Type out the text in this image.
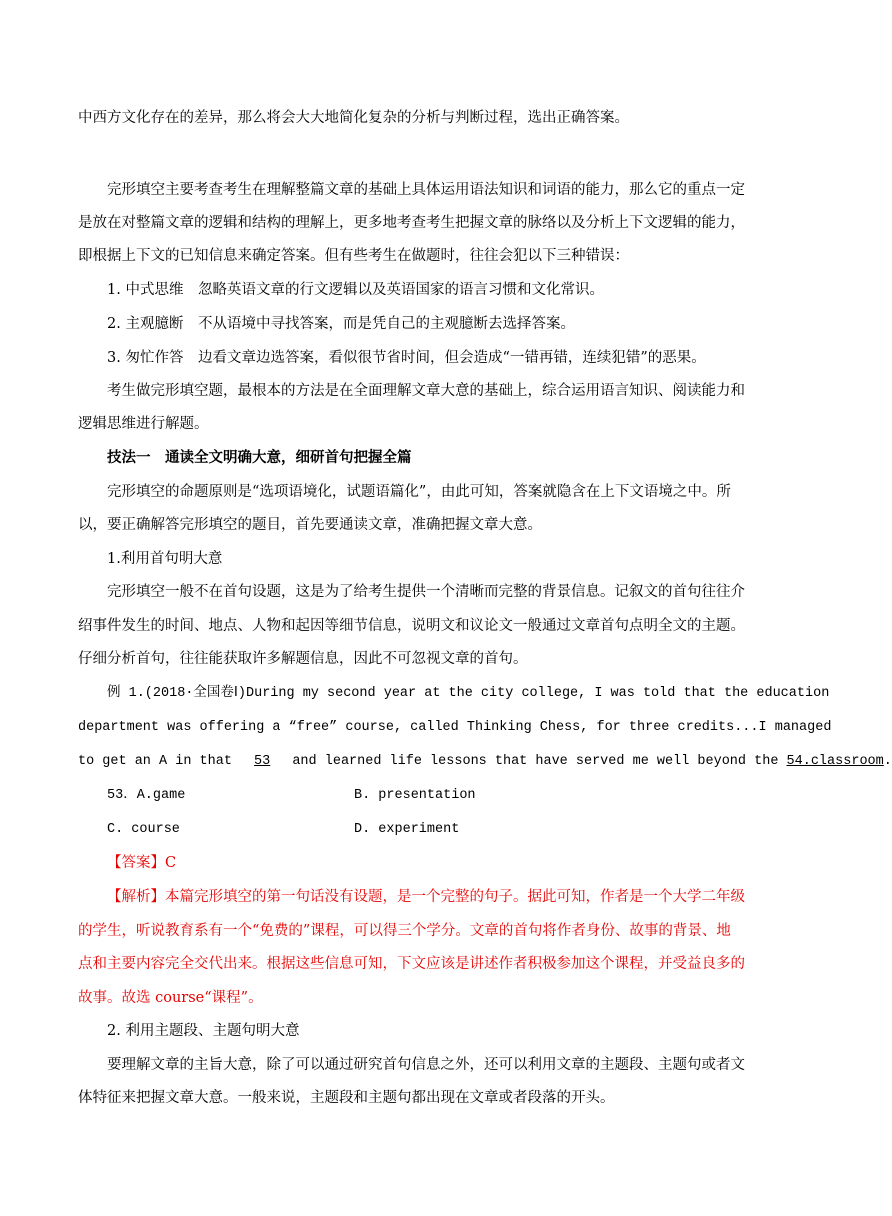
中西方文化存在的差异，那么将会大大地简化复杂的分析与判断过程，选出正确答案。
完形填空主要考查考生在理解整篇文章的基础上具体运用语法知识和词语的能力，那么它的重点一定
是放在对整篇文章的逻辑和结构的理解上，更多地考查考生把握文章的脉络以及分析上下文逻辑的能力，
即根据上下文的已知信息来确定答案。但有些考生在做题时，往往会犯以下三种错误：
1. 中式思维　忽略英语文章的行文逻辑以及英语国家的语言习惯和文化常识。
2. 主观臆断　不从语境中寻找答案，而是凭自己的主观臆断去选择答案。
3. 匆忙作答　边看文章边选答案，看似很节省时间，但会造成“一错再错，连续犯错”的恶果。
考生做完形填空题，最根本的方法是在全面理解文章大意的基础上，综合运用语言知识、阅读能力和
逻辑思维进行解题。
技法一　通读全文明确大意，细研首句把握全篇
完形填空的命题原则是“选项语境化，试题语篇化”，由此可知，答案就隐含在上下文语境之中。所
以，要正确解答完形填空的题目，首先要通读文章，准确把握文章大意。
1.利用首句明大意
完形填空一般不在首句设题，这是为了给考生提供一个清晰而完整的背景信息。记叙文的首句往往介
绍事件发生的时间、地点、人物和起因等细节信息，说明文和议论文一般通过文章首句点明全文的主题。
仔细分析首句，往往能获取许多解题信息，因此不可忽视文章的首句。
例 1.(2018·全国卷Ⅰ)During my second year at the city college, I was told that the education
department was offering a “free” course, called Thinking Chess, for three credits...I managed
to get an A in that 53 and learned life lessons that have served me well beyond the 54.classroom.
53．A.game	B. presentation
C. course	D. experiment
【答案】C
【解析】本篇完形填空的第一句话没有设题，是一个完整的句子。据此可知，作者是一个大学二年级
的学生，听说教育系有一个“免费的”课程，可以得三个学分。文章的首句将作者身份、故事的背景、地
点和主要内容完全交代出来。根据这些信息可知，下文应该是讲述作者积极参加这个课程，并受益良多的
故事。故选 course“课程”。
2. 利用主题段、主题句明大意
要理解文章的主旨大意，除了可以通过研究首句信息之外，还可以利用文章的主题段、主题句或者文
体特征来把握文章大意。一般来说，主题段和主题句都出现在文章或者段落的开头。
